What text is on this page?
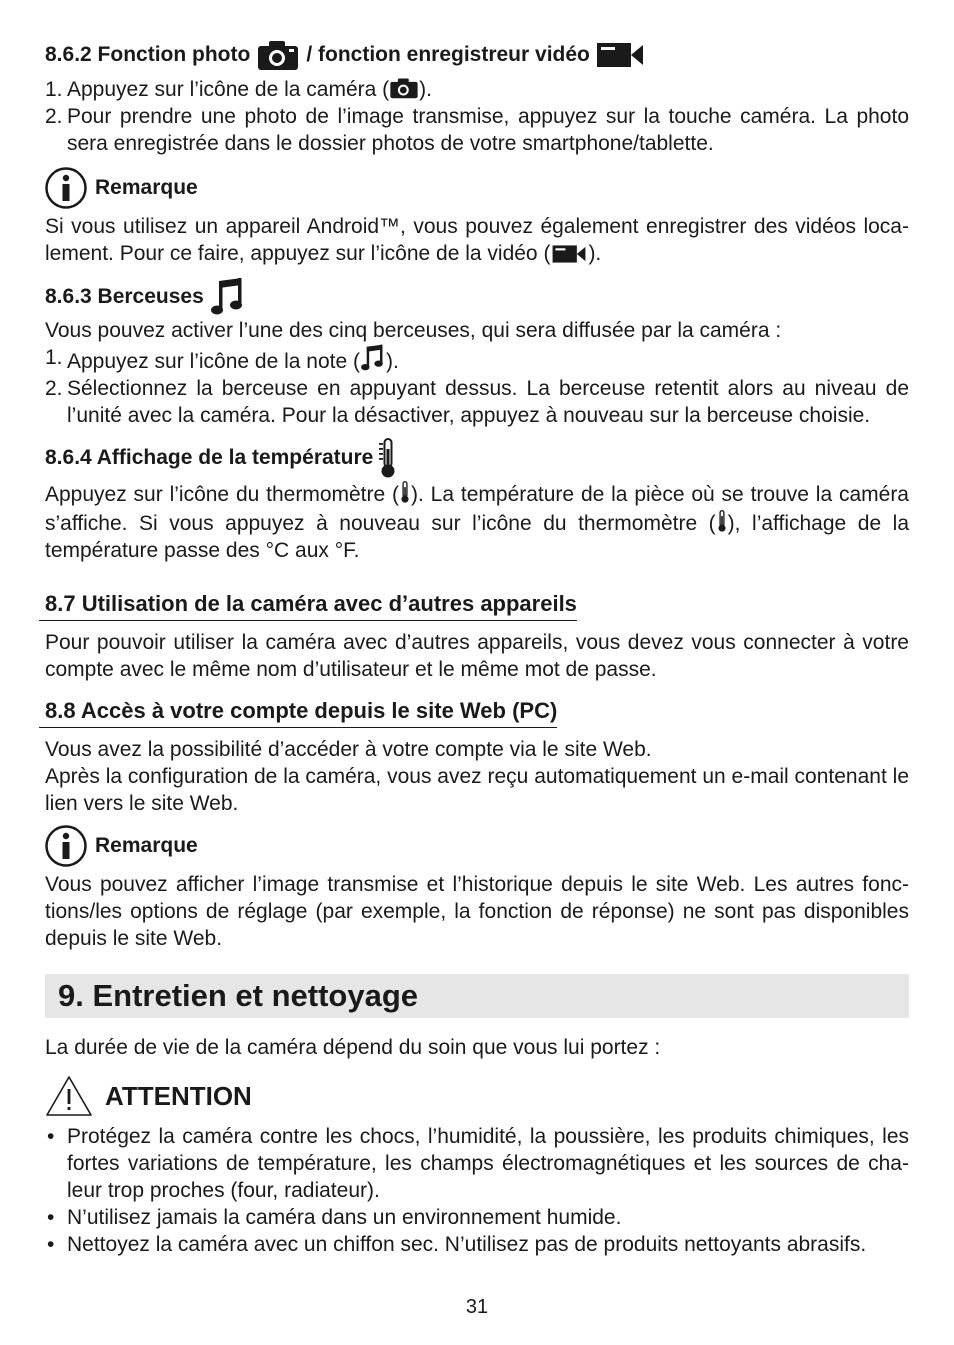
8.6.2 Fonction photo	/ fonction enregistreur vidéo
1. Appuyez sur l’icône de la caméra ( ).
2. Pour prendre une photo de l’image transmise, appuyez sur la touche caméra. La photo sera enregistrée dans le dossier photos de votre smartphone/tablette.
Remarque

Si vous utilisez un appareil Android™, vous pouvez également enregistrer des vidéos localement. Pour ce faire, appuyez sur l’icône de la vidéo ( ).

8.6.3 Berceuses

Vous pouvez activer l’une des cinq berceuses, qui sera diffusée par la caméra :

1. Appuyez sur l’icône de la note ( ).
2. Sélectionnez la berceuse en appuyant dessus. La berceuse retentit alors au niveau de l’unité avec la caméra. Pour la désactiver, appuyez à nouveau sur la berceuse choisie.
8.6.4 Affichage de la température

Appuyez sur l’icône du thermomètre ( ). La température de la pièce où se trouve la caméra s’affiche. Si vous appuyez à nouveau sur l’icône du thermomètre ( ), l’affichage de la température passe des °C aux °F.

8.7 Utilisation de la caméra avec d’autres appareils

Pour pouvoir utiliser la caméra avec d’autres appareils, vous devez vous connecter à votre compte avec le même nom d’utilisateur et le même mot de passe.

8.8 Accès à votre compte depuis le site Web (PC)

Vous avez la possibilité d’accéder à votre compte via le site Web.

Après la configuration de la caméra, vous avez reçu automatiquement un e-mail contenant le lien vers le site Web.

Remarque

Vous pouvez afficher l’image transmise et l’historique depuis le site Web. Les autres fonctions/les options de réglage (par exemple, la fonction de réponse) ne sont pas disponibles depuis le site Web.

9. Entretien et nettoyage

La durée de vie de la caméra dépend du soin que vous lui portez :

ATTENTION
• Protégez la caméra contre les chocs, l’humidité, la poussière, les produits chimiques, les fortes variations de température, les champs électromagnétiques et les sources de chaleur trop proches (four, radiateur).
• N’utilisez jamais la caméra dans un environnement humide.
• Nettoyez la caméra avec un chiffon sec. N’utilisez pas de produits nettoyants abrasifs.
31
